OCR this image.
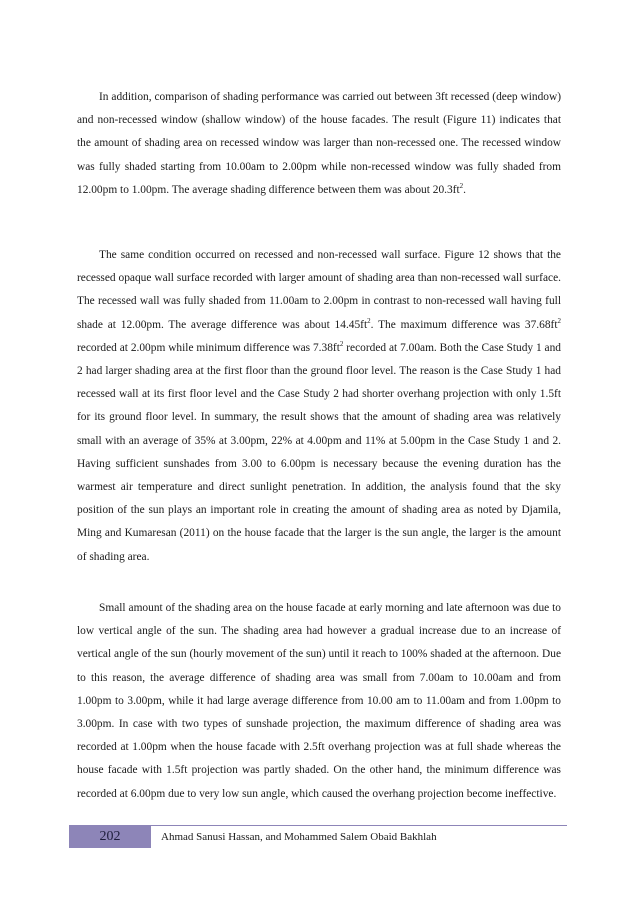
In addition, comparison of shading performance was carried out between 3ft recessed (deep window) and non-recessed window (shallow window) of the house facades. The result (Figure 11) indicates that the amount of shading area on recessed window was larger than non-recessed one. The recessed window was fully shaded starting from 10.00am to 2.00pm while non-recessed window was fully shaded from 12.00pm to 1.00pm. The average shading difference between them was about $20.3ft^2$.

The same condition occurred on recessed and non-recessed wall surface. Figure 12 shows that the recessed opaque wall surface recorded with larger amount of shading area than non-recessed wall surface. The recessed wall was fully shaded from 11.00am to 2.00pm in contrast to non-recessed wall having full shade at 12.00pm. The average difference was about $14.45ft^2$. The maximum difference was $37.68ft^2$ recorded at 2.00pm while minimum difference was $7.38ft^2$ recorded at 7.00am. Both the Case Study 1 and 2 had larger shading area at the first floor than the ground floor level. The reason is the Case Study 1 had recessed wall at its first floor level and the Case Study 2 had shorter overhang projection with only 1.5ft for its ground floor level. In summary, the result shows that the amount of shading area was relatively small with an average of 35% at 3.00pm, 22% at 4.00pm and 11% at 5.00pm in the Case Study 1 and 2. Having sufficient sunshades from 3.00 to 6.00pm is necessary because the evening duration has the warmest air temperature and direct sunlight penetration. In addition, the analysis found that the sky position of the sun plays an important role in creating the amount of shading area as noted by Djamila, Ming and Kumaresan (2011) on the house facade that the larger is the sun angle, the larger is the amount of shading area.

Small amount of the shading area on the house facade at early morning and late afternoon was due to low vertical angle of the sun. The shading area had however a gradual increase due to an increase of vertical angle of the sun (hourly movement of the sun) until it reach to 100% shaded at the afternoon. Due to this reason, the average difference of shading area was small from 7.00am to 10.00am and from 1.00pm to 3.00pm, while it had large average difference from 10.00 am to 11.00am and from 1.00pm to 3.00pm. In case with two types of sunshade projection, the maximum difference of shading area was recorded at 1.00pm when the house facade with 2.5ft overhang projection was at full shade whereas the house facade with 1.5ft projection was partly shaded. On the other hand, the minimum difference was recorded at 6.00pm due to very low sun angle, which caused the overhang projection become ineffective.

202	Ahmad Sanusi Hassan, and Mohammed Salem Obaid Bakhlah
